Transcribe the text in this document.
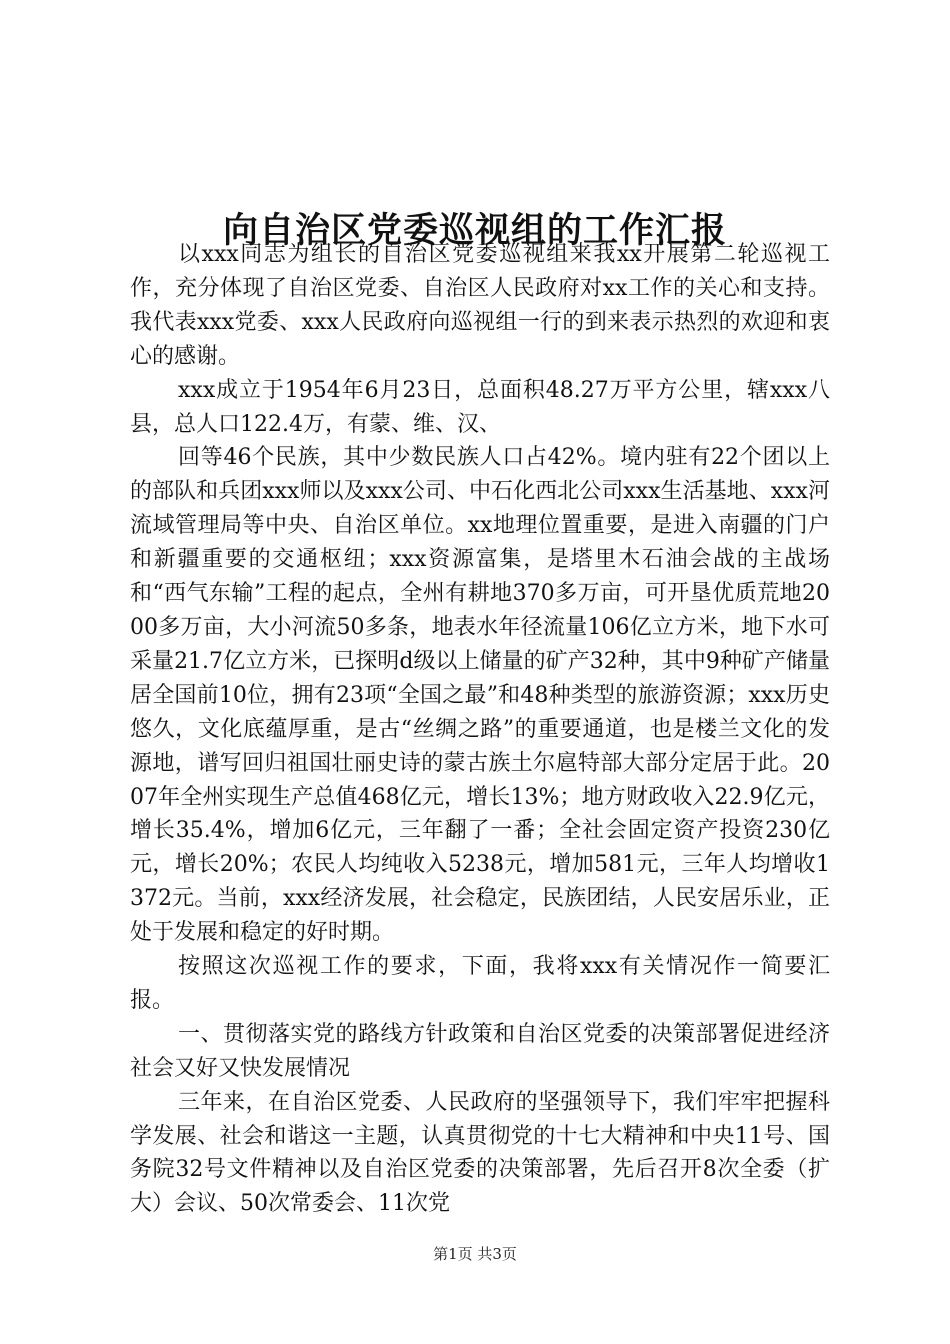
向自治区党委巡视组的工作汇报

以xxx同志为组长的自治区党委巡视组来我xx开展第二轮巡视工作，充分体现了自治区党委、自治区人民政府对xx工作的关心和支持。我代表xxx党委、xxx人民政府向巡视组一行的到来表示热烈的欢迎和衷心的感谢。

xxx成立于1954年6月23日，总面积48.27万平方公里，辖xxx八县，总人口122.4万，有蒙、维、汉、

回等46个民族，其中少数民族人口占42%。境内驻有22个团以上的部队和兵团xxx师以及xxx公司、中石化西北公司xxx生活基地、xxx河流域管理局等中央、自治区单位。xx地理位置重要，是进入南疆的门户和新疆重要的交通枢纽；xxx资源富集，是塔里木石油会战的主战场和“西气东输”工程的起点，全州有耕地370多万亩，可开垦优质荒地2000多万亩，大小河流50多条，地表水年径流量106亿立方米，地下水可采量21.7亿立方米，已探明d级以上储量的矿产32种，其中9种矿产储量居全国前10位，拥有23项“全国之最”和48种类型的旅游资源；xxx历史悠久，文化底蕴厚重，是古“丝绸之路”的重要通道，也是楼兰文化的发源地，谱写回归祖国壮丽史诗的蒙古族土尔扈特部大部分定居于此。2007年全州实现生产总值468亿元，增长13%；地方财政收入22.9亿元，增长35.4%，增加6亿元，三年翻了一番；全社会固定资产投资230亿元，增长20%；农民人均纯收入5238元，增加581元，三年人均增收1372元。当前，xxx经济发展，社会稳定，民族团结，人民安居乐业，正处于发展和稳定的好时期。

按照这次巡视工作的要求，下面，我将xxx有关情况作一简要汇报。

一、贯彻落实党的路线方针政策和自治区党委的决策部署促进经济社会又好又快发展情况

三年来，在自治区党委、人民政府的坚强领导下，我们牢牢把握科学发展、社会和谐这一主题，认真贯彻党的十七大精神和中央11号、国务院32号文件精神以及自治区党委的决策部署，先后召开8次全委（扩大）会议、50次常委会、11次党

第1页 共3页
